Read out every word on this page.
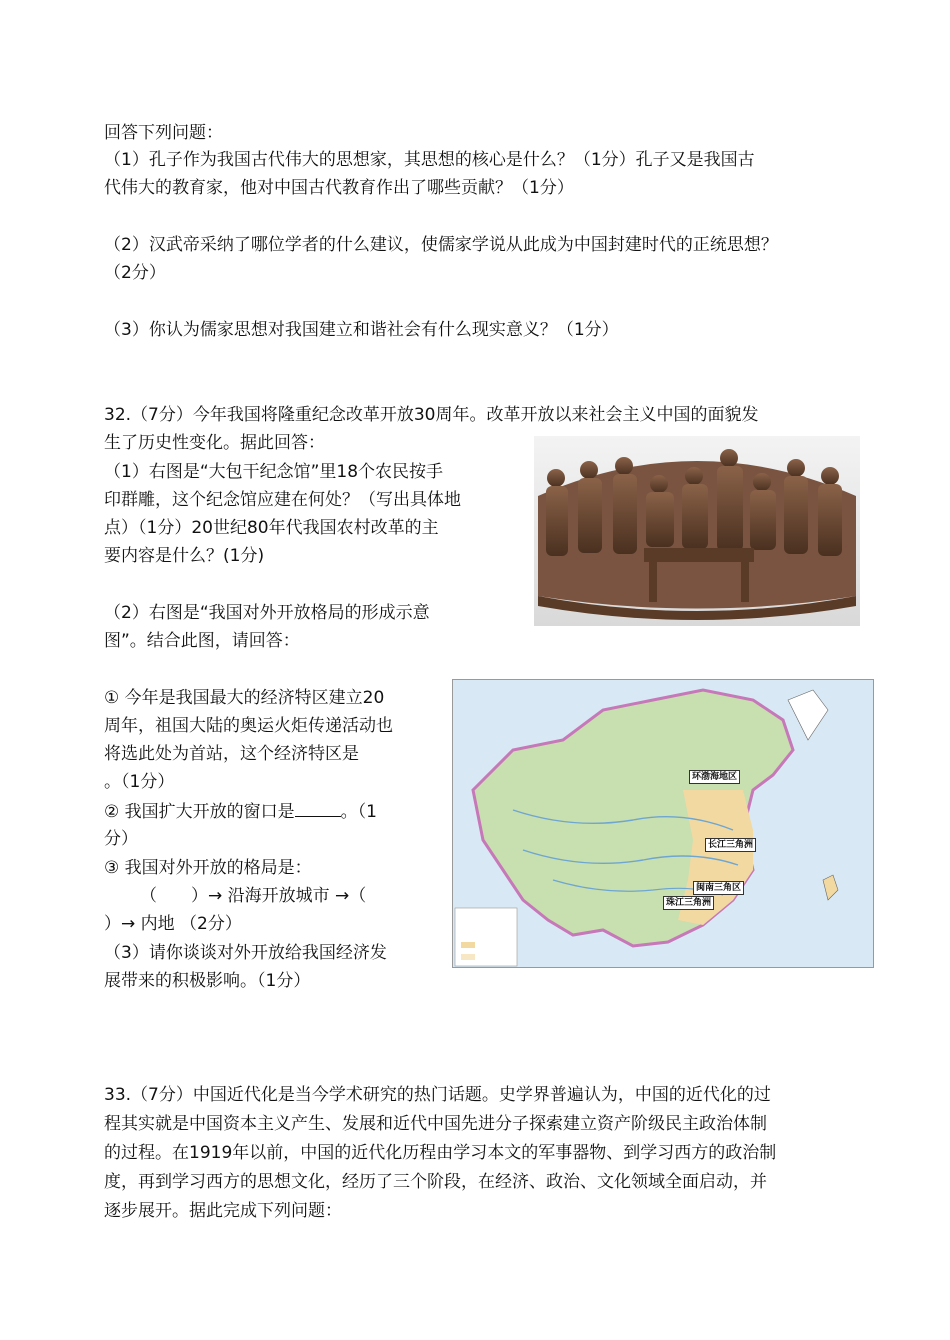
回答下列问题：
（1）孔子作为我国古代伟大的思想家，其思想的核心是什么？（1分）孔子又是我国古
代伟大的教育家，他对中国古代教育作出了哪些贡献？（1分）
（2）汉武帝采纳了哪位学者的什么建议，使儒家学说从此成为中国封建时代的正统思想？
（2分）
（3）你认为儒家思想对我国建立和谐社会有什么现实意义？（1分）
32.（7分）今年我国将隆重纪念改革开放30周年。改革开放以来社会主义中国的面貌发
生了历史性变化。据此回答：
（1）右图是“大包干纪念馆”里18个农民按手
印群雕，这个纪念馆应建在何处？（写出具体地
点）（1分）20世纪80年代我国农村改革的主
要内容是什么？(1分)
（2）右图是“我国对外开放格局的形成示意
图”。结合此图，请回答：
① 今年是我国最大的经济特区建立20
周年，祖国大陆的奥运火炬传递活动也
将选此处为首站，这个经济特区是
。（1分）
② 我国扩大开放的窗口是	。（1
分）
③ 我国对外开放的格局是：
（　　）→ 沿海开放城市 →（
）→ 内地 （2分）
（3）请你谈谈对外开放给我国经济发
展带来的积极影响。（1分）
环渤海地区
长江三角洲
闽南三角区
珠江三角洲
33.（7分）中国近代化是当今学术研究的热门话题。史学界普遍认为，中国的近代化的过
程其实就是中国资本主义产生、发展和近代中国先进分子探索建立资产阶级民主政治体制
的过程。在1919年以前，中国的近代化历程由学习本文的军事器物、到学习西方的政治制
度，再到学习西方的思想文化，经历了三个阶段，在经济、政治、文化领域全面启动，并
逐步展开。据此完成下列问题：
